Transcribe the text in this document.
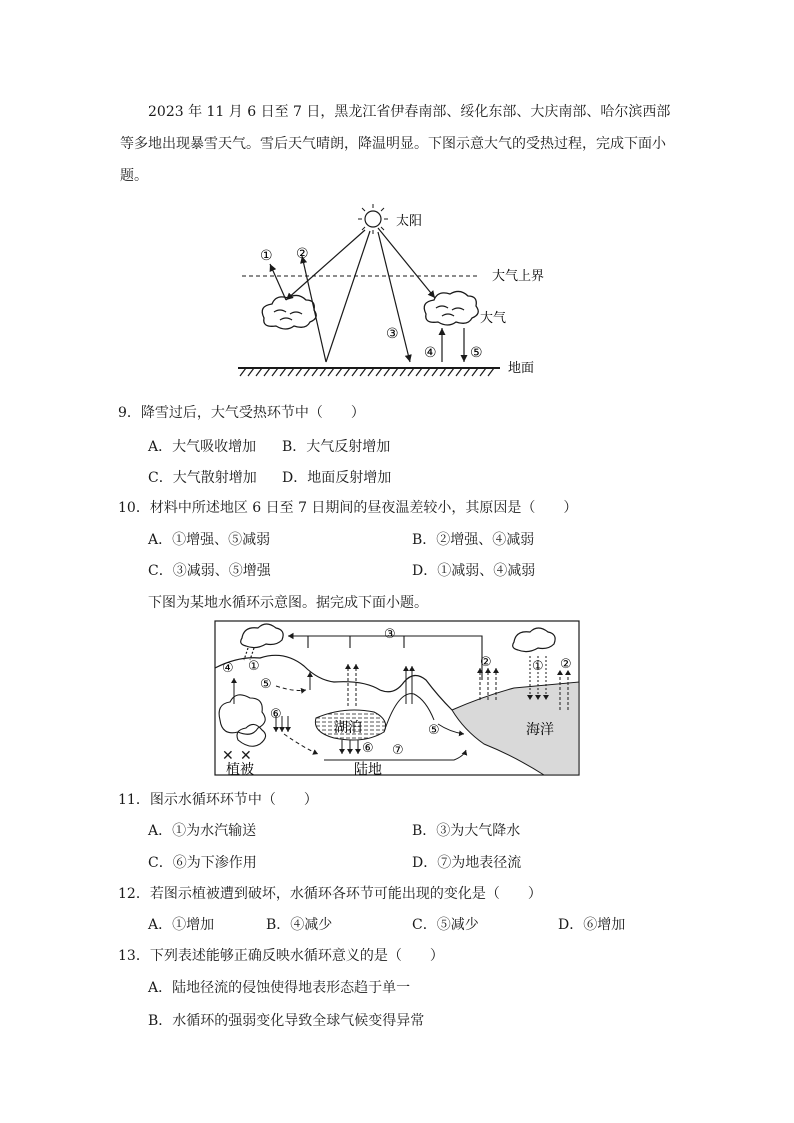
2023 年 11 月 6 日至 7 日，黑龙江省伊春南部、绥化东部、大庆南部、哈尔滨西部等多地出现暴雪天气。雪后天气晴朗，降温明显。下图示意大气的受热过程，完成下面小题。
太阳
大气上界
大气
① ②
③
④ ⑤
地面
9．降雪过后，大气受热环节中（　　）
A．大气吸收增加 B．大气反射增加
C．大气散射增加 D．地面反射增加
10．材料中所述地区 6 日至 7 日期间的昼夜温差较小，其原因是（　　）
A．①增强、⑤减弱	B．②增强、④减弱
C．③减弱、⑤增强	D．①减弱、④减弱
下图为某地水循环示意图。据完成下面小题。
海洋
湖泊
✕ ✕
植被	陆地
④ ①
⑤
⑥
③
②	① ②
⑤
⑥ ⑦
11．图示水循环环节中（　　）
A．①为水汽输送	B．③为大气降水
C．⑥为下渗作用	D．⑦为地表径流
12．若图示植被遭到破坏，水循环各环节可能出现的变化是（　　）
A．①增加	B．④减少	C．⑤减少	D．⑥增加
13．下列表述能够正确反映水循环意义的是（　　）
A．陆地径流的侵蚀使得地表形态趋于单一
B．水循环的强弱变化导致全球气候变得异常
